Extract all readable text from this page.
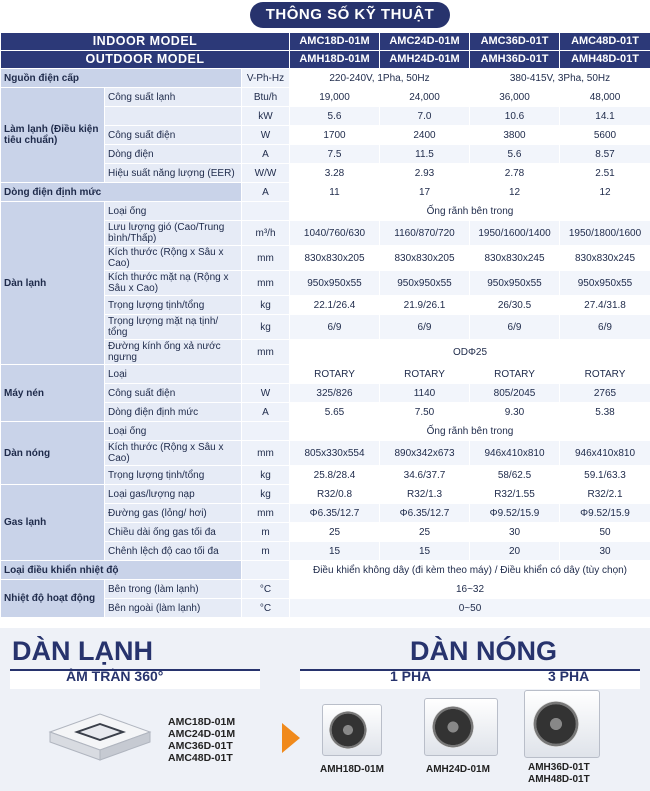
THÔNG SỐ KỸ THUẬT
INDOOR MODEL			AMC18D-01M	AMC24D-01M	AMC36D-01T	AMC48D-01T
OUTDOOR MODEL			AMH18D-01M	AMH24D-01M	AMH36D-01T	AMH48D-01T
Nguồn điện cấp		V-Ph-Hz	220-240V, 1Pha, 50Hz		380-415V, 3Pha, 50Hz	
Làm lạnh (Điều kiện tiêu chuẩn)	Công suất lạnh	Btu/h	19,000	24,000	36,000	48,000
		kW	5.6	7.0	10.6	14.1
	Công suất điện	W	1700	2400	3800	5600
	Dòng điện	A	7.5	11.5	5.6	8.57
	Hiệu suất năng lượng (EER)	W/W	3.28	2.93	2.78	2.51
Dòng điện định mức		A	11	17	12	12
Dàn lạnh	Loại ống		Ống rãnh bên trong			
	Lưu lượng gió (Cao/Trung bình/Thấp)	m³/h	1040/760/630	1160/870/720	1950/1600/1400	1950/1800/1600
	Kích thước (Rộng x Sâu x Cao)	mm	830x830x205	830x830x205	830x830x245	830x830x245
	Kích thước mặt nạ (Rộng x Sâu x Cao)	mm	950x950x55	950x950x55	950x950x55	950x950x55
	Trọng lượng tịnh/tổng	kg	22.1/26.4	21.9/26.1	26/30.5	27.4/31.8
	Trọng lượng mặt nạ tịnh/ tổng	kg	6/9	6/9	6/9	6/9
	Đường kính ống xả nước ngưng	mm	ODΦ25			
Máy nén	Loại		ROTARY	ROTARY	ROTARY	ROTARY
	Công suất điện	W	325/826	1140	805/2045	2765
	Dòng điện định mức	A	5.65	7.50	9.30	5.38
Dàn nóng	Loại ống		Ống rãnh bên trong			
	Kích thước (Rộng x Sâu x Cao)	mm	805x330x554	890x342x673	946x410x810	946x410x810
	Trọng lượng tịnh/tổng	kg	25.8/28.4	34.6/37.7	58/62.5	59.1/63.3
Gas lạnh	Loại gas/lượng nạp	kg	R32/0.8	R32/1.3	R32/1.55	R32/2.1
	Đường gas (lỏng/ hơi)	mm	Φ6.35/12.7	Φ6.35/12.7	Φ9.52/15.9	Φ9.52/15.9
	Chiều dài ống gas tối đa	m	25	25	30	50
	Chênh lệch độ cao tối đa	m	15	15	20	30
Loại điều khiển nhiệt độ			Điều khiển không dây (đi kèm theo máy) / Điều khiển có dây (tùy chọn)			
Nhiệt độ hoạt động	Bên trong (làm lạnh)	°C	16~32			
	Bên ngoài (làm lạnh)	°C	0~50			
DÀN LẠNH	DÀN NÓNG
ÂM TRẦN 360°	1 PHA	3 PHA
AMC18D-01M
AMC24D-01M
AMC36D-01T
AMC48D-01T
AMH18D-01M	AMH24D-01M	AMH36D-01T
AMH48D-01T
